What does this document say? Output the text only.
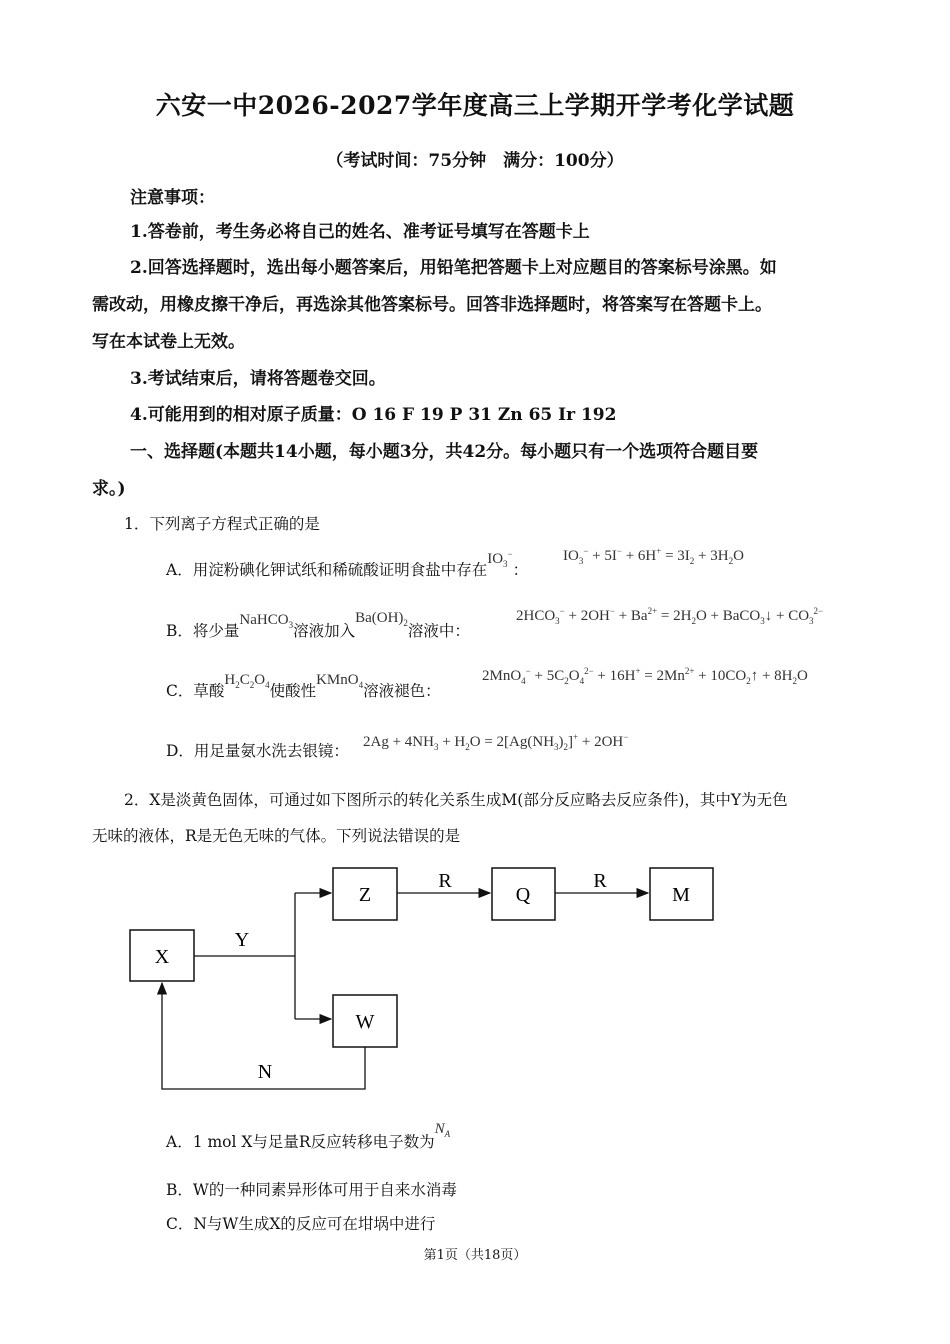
六安一中2026-2027学年度高三上学期开学考化学试题
（考试时间：75分钟　满分：100分）
注意事项：
1.答卷前，考生务必将自己的姓名、准考证号填写在答题卡上
2.回答选择题时，选出每小题答案后，用铅笔把答题卡上对应题目的答案标号涂黑。如
需改动，用橡皮擦干净后，再选涂其他答案标号。回答非选择题时，将答案写在答题卡上。
写在本试卷上无效。
3.考试结束后，请将答题卷交回。
4.可能用到的相对原子质量：O 16 F 19 P 31 Zn 65 Ir 192
一、选择题(本题共14小题，每小题3分，共42分。每小题只有一个选项符合题目要
求。)
1．下列离子方程式正确的是
A．用淀粉碘化钾试纸和稀硫酸证明食盐中存在$IO_3^-$：
$IO_3^- + 5I^- + 6H^+ = 3I_2 + 3H_2O$
B．将少量NaHCO$_3$溶液加入$Ba(OH)_2$溶液中：
$2HCO_3^- + 2OH^- + Ba^{2+} = 2H_2O$ + BaCO$_3$↓ + $CO_3^{2-}$
C．草酸$H_2C_2O_4$使酸性KMnO$_4$溶液褪色：
$2MnO_4^- + 5C_2O_4^{2-} + 16H^+ = 2Mn^{2+}$ + $10CO_2↑ + 8H_2O$
D．用足量氨水洗去银镜： $2Ag + 4NH_3 + H_2O = 2[Ag(NH_3)_2]^+ + 2OH^-$
2．X是淡黄色固体，可通过如下图所示的转化关系生成M(部分反应略去反应条件)，其中Y为无色
无味的液体，R是无色无味的气体。下列说法错误的是
X
Z	Q	M
W
Y
R	R
N
A．1 mol X与足量R反应转移电子数为$N_A$
B．W的一种同素异形体可用于自来水消毒
C．N与W生成X的反应可在坩埚中进行
第1页（共18页）
